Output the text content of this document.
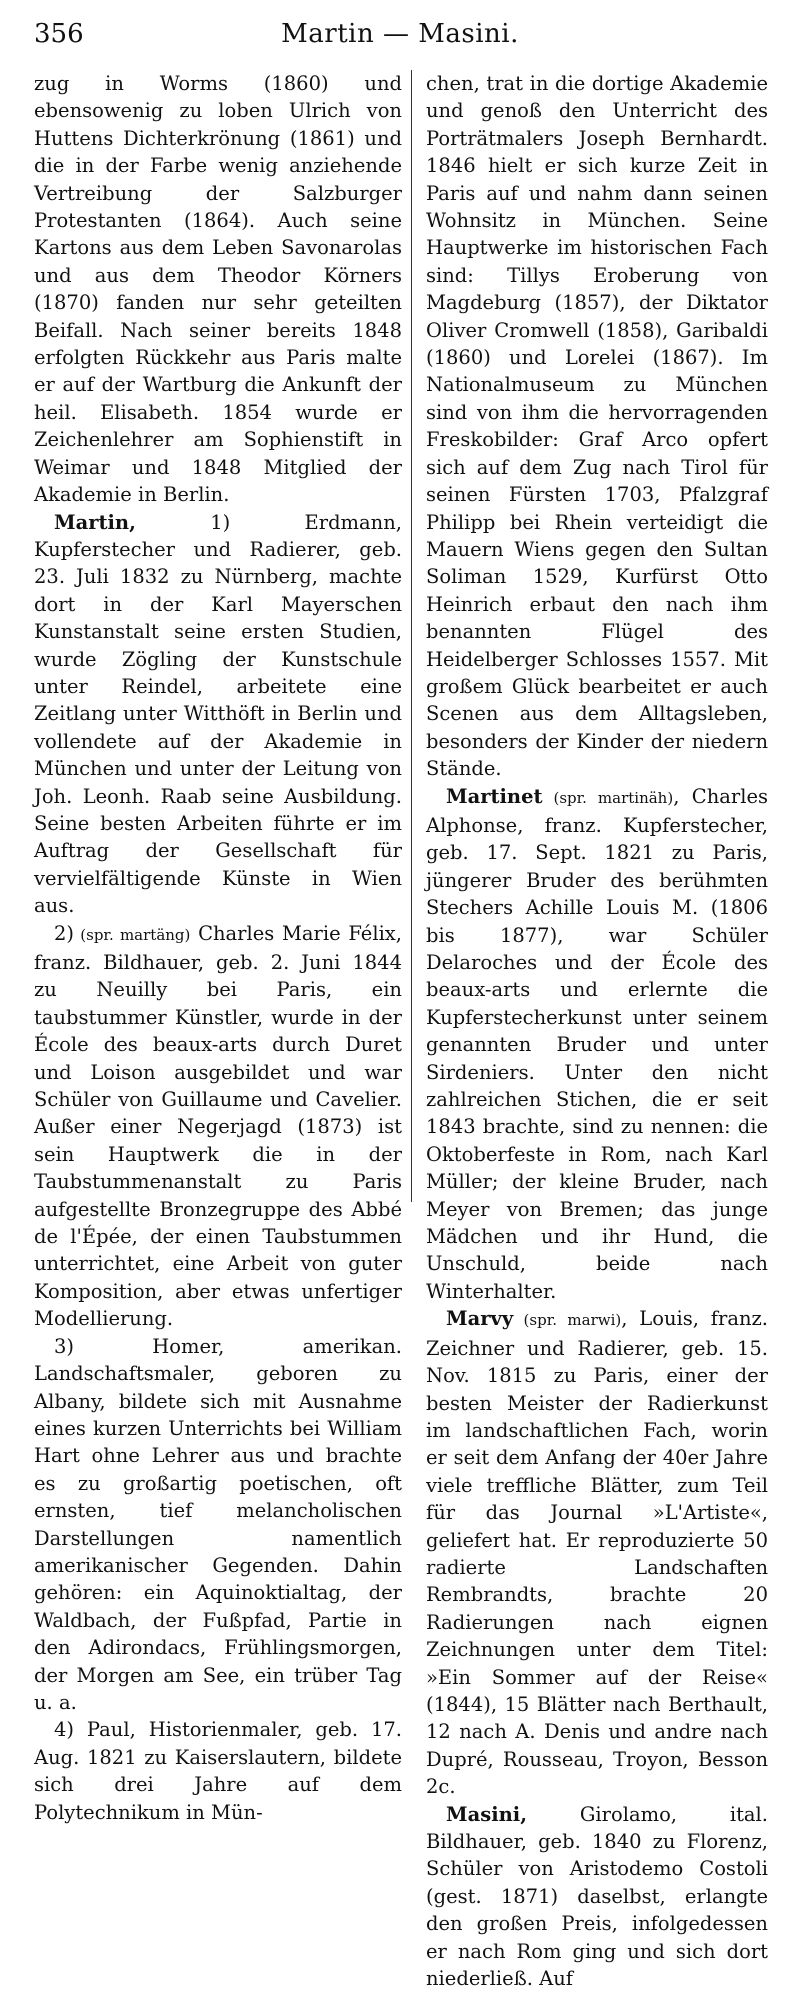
356	Martin — Masini.

zug in Worms (1860) und ebensowenig zu loben Ulrich von Huttens Dichterkrönung (1861) und die in der Farbe wenig anziehende Vertreibung der Salzburger Protestanten (1864). Auch seine Kartons aus dem Leben Savonarolas und aus dem Theodor Körners (1870) fanden nur sehr geteilten Beifall. Nach seiner bereits 1848 erfolgten Rückkehr aus Paris malte er auf der Wartburg die Ankunft der heil. Elisabeth. 1854 wurde er Zeichenlehrer am Sophienstift in Weimar und 1848 Mitglied der Akademie in Berlin.

Martin, 1) Erdmann, Kupferstecher und Radierer, geb. 23. Juli 1832 zu Nürnberg, machte dort in der Karl Mayerschen Kunstanstalt seine ersten Studien, wurde Zögling der Kunstschule unter Reindel, arbeitete eine Zeitlang unter Witthöft in Berlin und vollendete auf der Akademie in München und unter der Leitung von Joh. Leonh. Raab seine Ausbildung. Seine besten Arbeiten führte er im Auftrag der Gesellschaft für vervielfältigende Künste in Wien aus.

2) (spr. martäng) Charles Marie Félix, franz. Bildhauer, geb. 2. Juni 1844 zu Neuilly bei Paris, ein taubstummer Künstler, wurde in der École des beaux-arts durch Duret und Loison ausgebildet und war Schüler von Guillaume und Cavelier. Außer einer Negerjagd (1873) ist sein Hauptwerk die in der Taubstummenanstalt zu Paris aufgestellte Bronzegruppe des Abbé de l'Épée, der einen Taubstummen unterrichtet, eine Arbeit von guter Komposition, aber etwas unfertiger Modellierung.

3) Homer, amerikan. Landschaftsmaler, geboren zu Albany, bildete sich mit Ausnahme eines kurzen Unterrichts bei William Hart ohne Lehrer aus und brachte es zu großartig poetischen, oft ernsten, tief melancholischen Darstellungen namentlich amerikanischer Gegenden. Dahin gehören: ein Aquinoktialtag, der Waldbach, der Fußpfad, Partie in den Adirondacs, Frühlingsmorgen, der Morgen am See, ein trüber Tag u. a.

4) Paul, Historienmaler, geb. 17. Aug. 1821 zu Kaiserslautern, bildete sich drei Jahre auf dem Polytechnikum in Mün-

chen, trat in die dortige Akademie und genoß den Unterricht des Porträtmalers Joseph Bernhardt. 1846 hielt er sich kurze Zeit in Paris auf und nahm dann seinen Wohnsitz in München. Seine Hauptwerke im historischen Fach sind: Tillys Eroberung von Magdeburg (1857), der Diktator Oliver Cromwell (1858), Garibaldi (1860) und Lorelei (1867). Im Nationalmuseum zu München sind von ihm die hervorragenden Freskobilder: Graf Arco opfert sich auf dem Zug nach Tirol für seinen Fürsten 1703, Pfalzgraf Philipp bei Rhein verteidigt die Mauern Wiens gegen den Sultan Soliman 1529, Kurfürst Otto Heinrich erbaut den nach ihm benannten Flügel des Heidelberger Schlosses 1557. Mit großem Glück bearbeitet er auch Scenen aus dem Alltagsleben, besonders der Kinder der niedern Stände.

Martinet (spr. martinäh), Charles Alphonse, franz. Kupferstecher, geb. 17. Sept. 1821 zu Paris, jüngerer Bruder des berühmten Stechers Achille Louis M. (1806 bis 1877), war Schüler Delaroches und der École des beaux-arts und erlernte die Kupferstecherkunst unter seinem genannten Bruder und unter Sirdeniers. Unter den nicht zahlreichen Stichen, die er seit 1843 brachte, sind zu nennen: die Oktoberfeste in Rom, nach Karl Müller; der kleine Bruder, nach Meyer von Bremen; das junge Mädchen und ihr Hund, die Unschuld, beide nach Winterhalter.

Marvy (spr. marwi), Louis, franz. Zeichner und Radierer, geb. 15. Nov. 1815 zu Paris, einer der besten Meister der Radierkunst im landschaftlichen Fach, worin er seit dem Anfang der 40er Jahre viele treffliche Blätter, zum Teil für das Journal »L'Artiste«, geliefert hat. Er reproduzierte 50 radierte Landschaften Rembrandts, brachte 20 Radierungen nach eignen Zeichnungen unter dem Titel: »Ein Sommer auf der Reise« (1844), 15 Blätter nach Berthault, 12 nach A. Denis und andre nach Dupré, Rousseau, Troyon, Besson 2c.

Masini, Girolamo, ital. Bildhauer, geb. 1840 zu Florenz, Schüler von Aristodemo Costoli (gest. 1871) daselbst, erlangte den großen Preis, infolgedessen er nach Rom ging und sich dort niederließ. Auf
